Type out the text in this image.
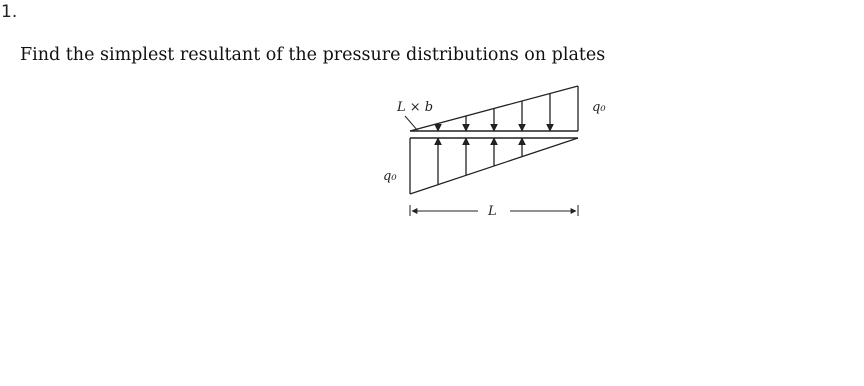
1.
Find the simplest resultant of the pressure distributions on plates
L × b	q₀
q₀
L
